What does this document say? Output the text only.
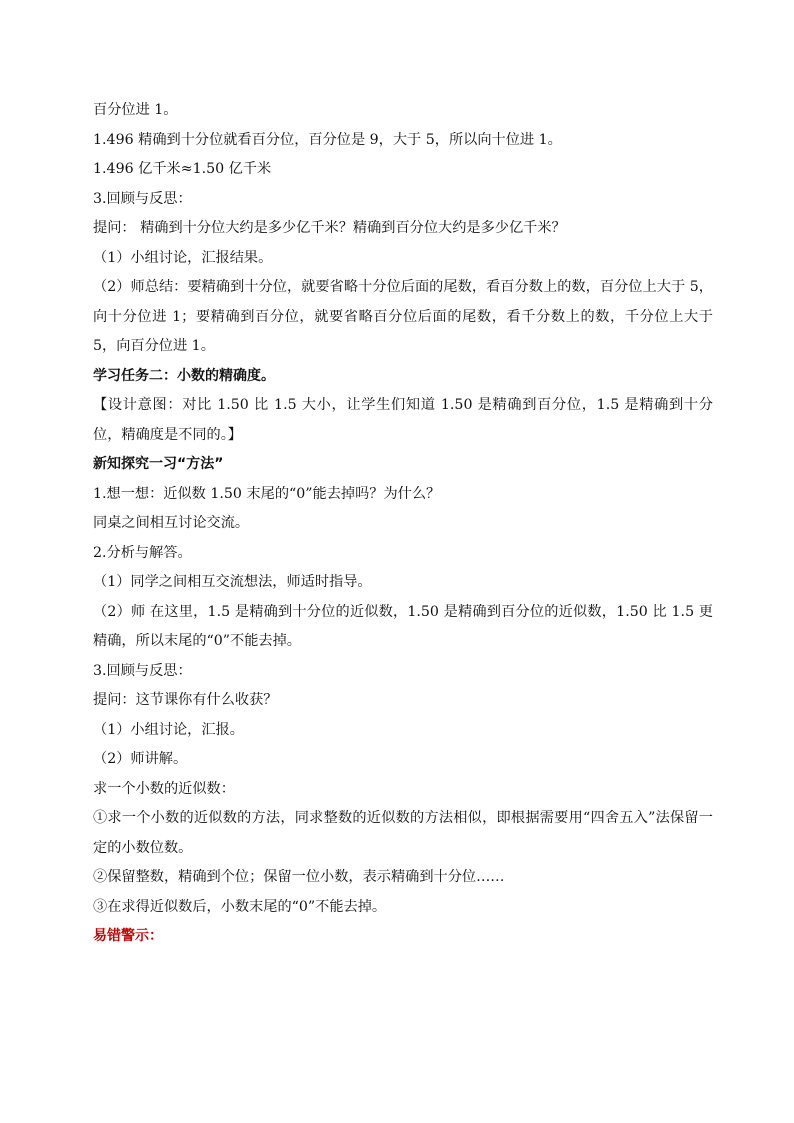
百分位进 1。
1.496 精确到十分位就看百分位，百分位是 9，大于 5，所以向十位进 1。
1.496 亿千米≈1.50 亿千米
3.回顾与反思：
提问： 精确到十分位大约是多少亿千米？精确到百分位大约是多少亿千米？
（1）小组讨论，汇报结果。
（2）师总结：要精确到十分位，就要省略十分位后面的尾数，看百分数上的数，百分位上大于 5，向十分位进 1；要精确到百分位，就要省略百分位后面的尾数，看千分数上的数，千分位上大于 5，向百分位进 1。
学习任务二：小数的精确度。
【设计意图：对比 1.50 比 1.5 大小，让学生们知道 1.50 是精确到百分位，1.5 是精确到十分位，精确度是不同的。】
新知探究一习“方法”
1.想一想：近似数 1.50 末尾的“0”能去掉吗？为什么？
同桌之间相互讨论交流。
2.分析与解答。
（1）同学之间相互交流想法，师适时指导。
（2）师 在这里，1.5 是精确到十分位的近似数，1.50 是精确到百分位的近似数，1.50 比 1.5 更精确，所以末尾的“0”不能去掉。
3.回顾与反思：
提问：这节课你有什么收获？
（1）小组讨论，汇报。
（2）师讲解。
求一个小数的近似数：
①求一个小数的近似数的方法，同求整数的近似数的方法相似，即根据需要用“四舍五入”法保留一定的小数位数。
②保留整数，精确到个位；保留一位小数，表示精确到十分位……
③在求得近似数后，小数末尾的“0”不能去掉。
易错警示：
